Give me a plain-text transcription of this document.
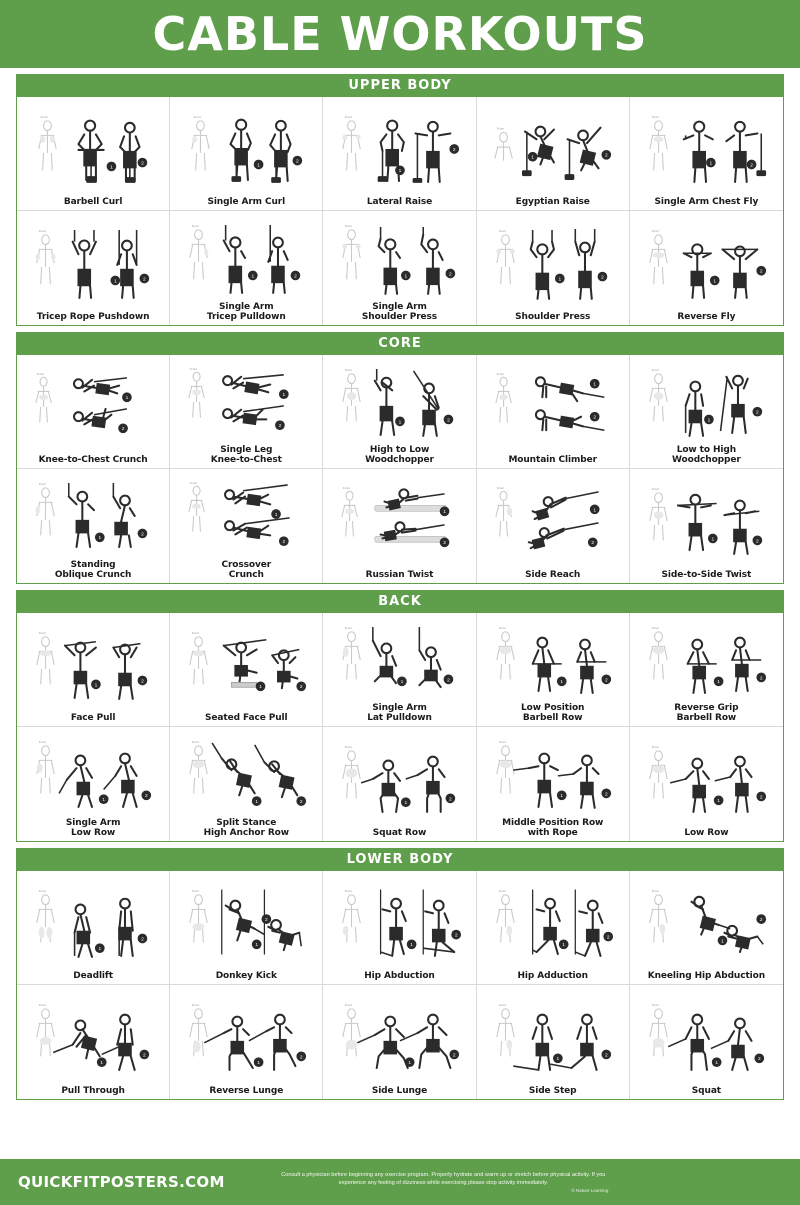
CABLE WORKOUTS
UPPER BODY
Front
1
2
Barbell Curl
Front
1
2
Single Arm Curl
Front
1
2
Lateral Raise
Front
1	2
Egyptian Raise
Front
1	2
Single Arm Chest Fly
Front
1	2
Tricep Rope Pushdown
Front
1	2
Single Arm
Tricep Pulldown
Front
1	2
Single Arm
Shoulder Press
Front
1	2
Shoulder Press
Front
1
2
Reverse Fly
CORE
Front
1
2
Knee-to-Chest Crunch
Front
1
2
Single Leg
Knee-to-Chest
Front
1	2
High to Low
Woodchopper
Front
1
2
Mountain Climber
Front
1
2
Low to High
Woodchopper
Front
1
2
Standing
Oblique Crunch
Front
1
2
Crossover
Crunch
Front
1
2
Russian Twist
Front
1
2
Side Reach
Front
1	2
Side-to-Side Twist
BACK
Front
1
2
Face Pull
Front
1	2
Seated Face Pull
Front
1	2
Single Arm
Lat Pulldown
Front
1	2
Low Position
Barbell Row
Front
1
2
Reverse Grip
Barbell Row
Front
1
2
Single Arm
Low Row
Front
1	2
Split Stance
High Anchor Row
Front
1
2
Squat Row
Front
1	2
Middle Position Row
with Rope
Front
1
2
Low Row
LOWER BODY
Front
1
2
Deadlift
Front
1
2
Donkey Kick
Front
1
2
Hip Abduction
Front
1
2
Hip Adduction
Front
1
2
Kneeling Hip Abduction
Front
1
2
Pull Through
Front
1
2
Reverse Lunge
Front
1
2
Side Lunge
Front
1
2
Side Step
Front
1
2
Squat
QUICKFITPOSTERS.COM	Consult a physician before beginning any exercise program. Properly hydrate and warm up or stretch before physical activity. If you experience any feeling of dizziness while exercising please stop activity immediately.
© Nature Learning
